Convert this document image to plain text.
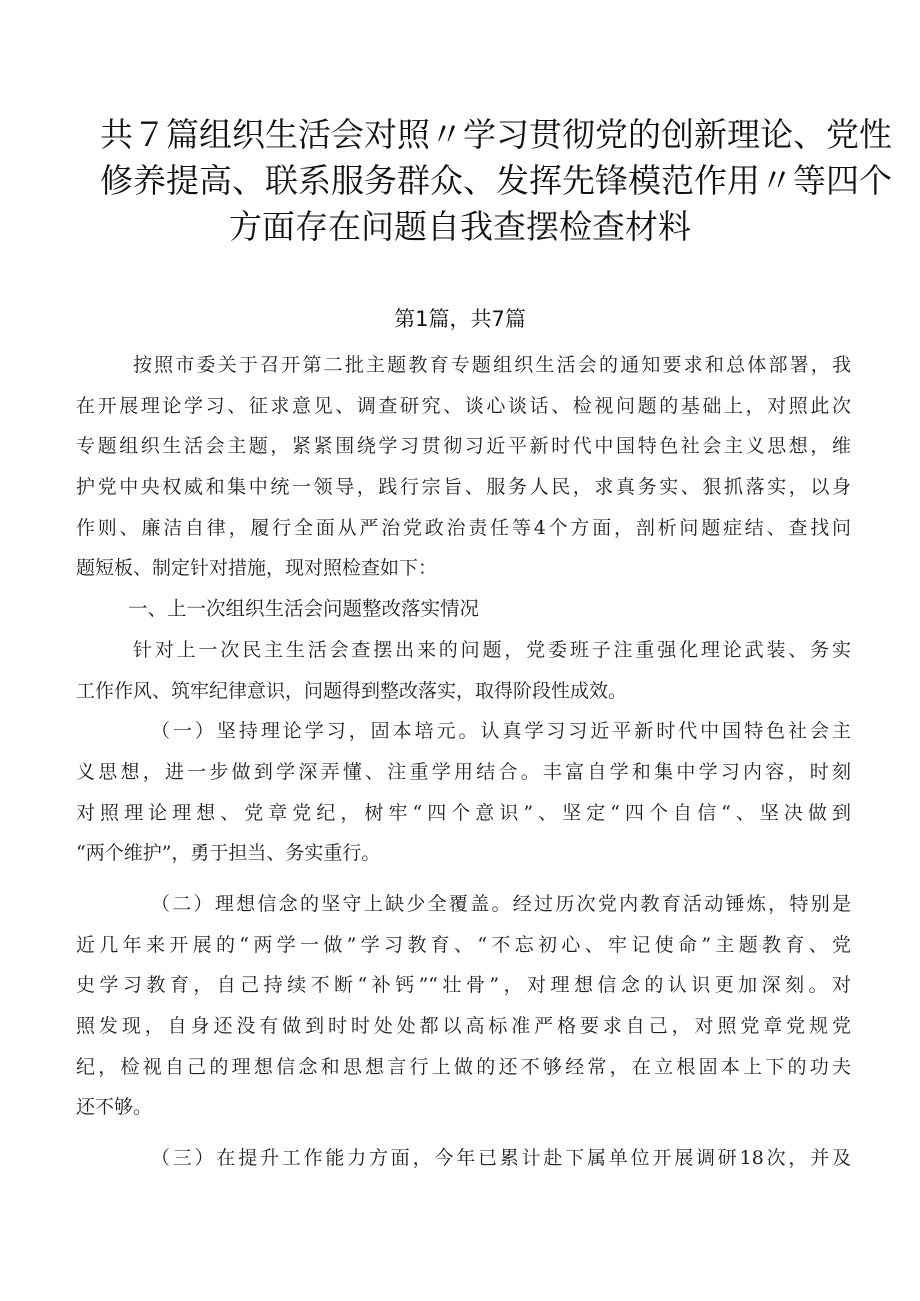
共７篇组织生活会对照〃学习贯彻党的创新理论、党性
修养提高、联系服务群众、发挥先锋模范作用〃等四个
方面存在问题自我查摆检查材料
第1篇，共7篇
按照市委关于召开第二批主题教育专题组织生活会的通知要求和总体部署，我
在开展理论学习、征求意见、调查研究、谈心谈话、检视问题的基础上，对照此次
专题组织生活会主题，紧紧围绕学习贯彻习近平新时代中国特色社会主义思想，维
护党中央权威和集中统一领导，践行宗旨、服务人民，求真务实、狠抓落实，以身
作则、廉洁自律，履行全面从严治党政治责任等4个方面，剖析问题症结、查找问
题短板、制定针对措施，现对照检查如下：
一、上一次组织生活会问题整改落实情况
针对上一次民主生活会查摆出来的问题，党委班子注重强化理论武装、务实
工作作风、筑牢纪律意识，问题得到整改落实，取得阶段性成效。
（一）坚持理论学习，固本培元。认真学习习近平新时代中国特色社会主
义思想，进一步做到学深弄懂、注重学用结合。丰富自学和集中学习内容，时刻
对照理论理想、党章党纪，树牢“四个意识”、坚定“四个自信“、坚决做到
“两个维护”，勇于担当、务实重行。
（二）理想信念的坚守上缺少全覆盖。经过历次党内教育活动锤炼，特别是
近几年来开展的“两学一做”学习教育、“不忘初心、牢记使命”主题教育、党
史学习教育，自己持续不断“补钙”“壮骨”，对理想信念的认识更加深刻。对
照发现，自身还没有做到时时处处都以高标准严格要求自己，对照党章党规党
纪，检视自己的理想信念和思想言行上做的还不够经常，在立根固本上下的功夫
还不够。
（三）在提升工作能力方面，今年已累计赴下属单位开展调研18次，并及
